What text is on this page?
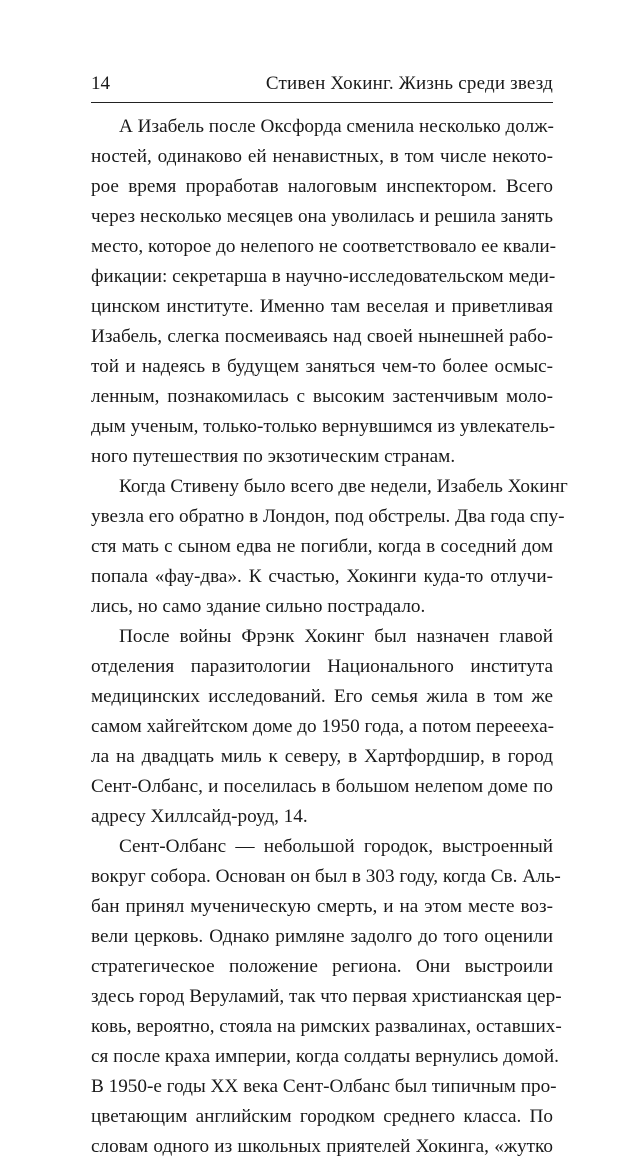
14	Стивен Хокинг. Жизнь среди звезд
А Изабель после Оксфорда сменила несколько долж-
ностей, одинаково ей ненавистных, в том числе некото-
рое время проработав налоговым инспектором. Всего
через несколько месяцев она уволилась и решила занять
место, которое до нелепого не соответствовало ее квали-
фикации: секретарша в научно-исследовательском меди-
цинском институте. Именно там веселая и приветливая
Изабель, слегка посмеиваясь над своей нынешней рабо-
той и надеясь в будущем заняться чем-то более осмыс-
ленным, познакомилась с высоким застенчивым моло-
дым ученым, только-только вернувшимся из увлекатель-
ного путешествия по экзотическим странам.
Когда Стивену было всего две недели, Изабель Хокинг
увезла его обратно в Лондон, под обстрелы. Два года спу-
стя мать с сыном едва не погибли, когда в соседний дом
попала «фау-два». К счастью, Хокинги куда-то отлучи-
лись, но само здание сильно пострадало.
После войны Фрэнк Хокинг был назначен главой
отделения паразитологии Национального института
медицинских исследований. Его семья жила в том же
самом хайгейтском доме до 1950 года, а потом переееха-
ла на двадцать миль к северу, в Хартфордшир, в город
Сент-Олбанс, и поселилась в большом нелепом доме по
адресу Хиллсайд-роуд, 14.
Сент-Олбанс — небольшой городок, выстроенный
вокруг собора. Основан он был в 303 году, когда Св. Аль-
бан принял мученическую смерть, и на этом месте воз-
вели церковь. Однако римляне задолго до того оценили
стратегическое положение региона. Они выстроили
здесь город Веруламий, так что первая христианская цер-
ковь, вероятно, стояла на римских развалинах, оставших-
ся после краха империи, когда солдаты вернулись домой.
В 1950-е годы XX века Сент-Олбанс был типичным про-
цветающим английским городком среднего класса. По
словам одного из школьных приятелей Хокинга, «жутко
